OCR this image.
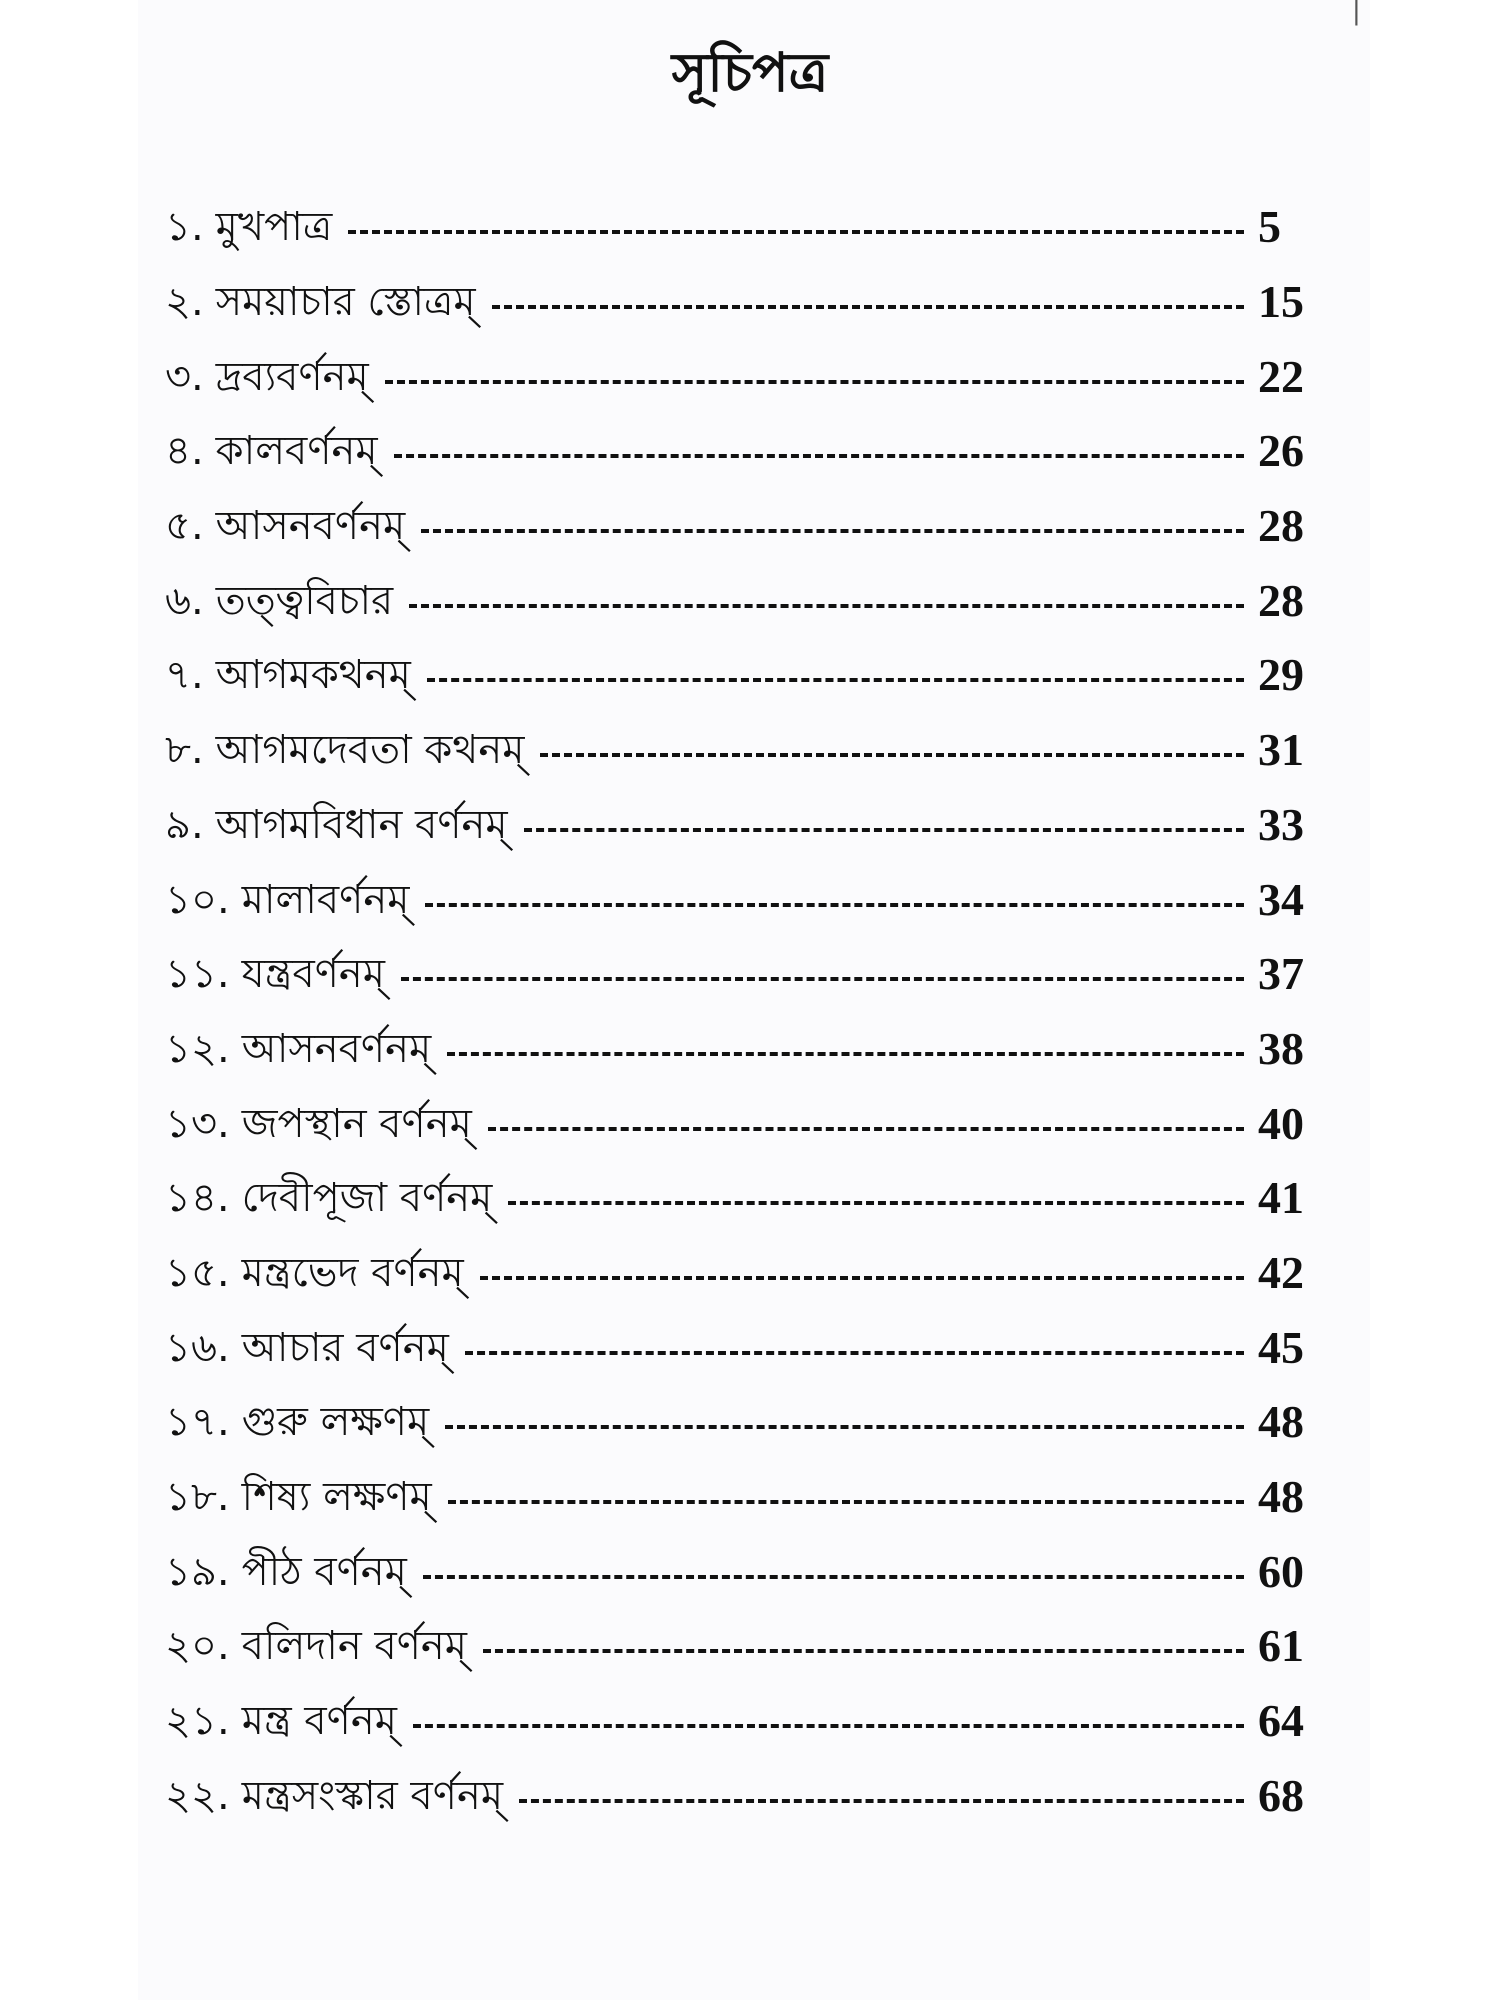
|
সূচিপত্র
১. মুখপাত্র	5
২. সময়াচার স্তোত্রম্	15
৩. দ্রব্যবর্ণনম্	22
৪. কালবর্ণনম্	26
৫. আসনবর্ণনম্	28
৬. তত্ত্ববিচার	28
৭. আগমকথনম্	29
৮. আগমদেবতা কথনম্	31
৯. আগমবিধান বর্ণনম্	33
১০. মালাবর্ণনম্	34
১১. যন্ত্রবর্ণনম্	37
১২. আসনবর্ণনম্	38
১৩. জপস্থান বর্ণনম্	40
১৪. দেবীপূজা বর্ণনম্	41
১৫. মন্ত্রভেদ বর্ণনম্	42
১৬. আচার বর্ণনম্	45
১৭. গুরু লক্ষণম্	48
১৮. শিষ্য লক্ষণম্	48
১৯. পীঠ বর্ণনম্	60
২০. বলিদান বর্ণনম্	61
২১. মন্ত্র বর্ণনম্	64
২২. মন্ত্রসংস্কার বর্ণনম্	68
